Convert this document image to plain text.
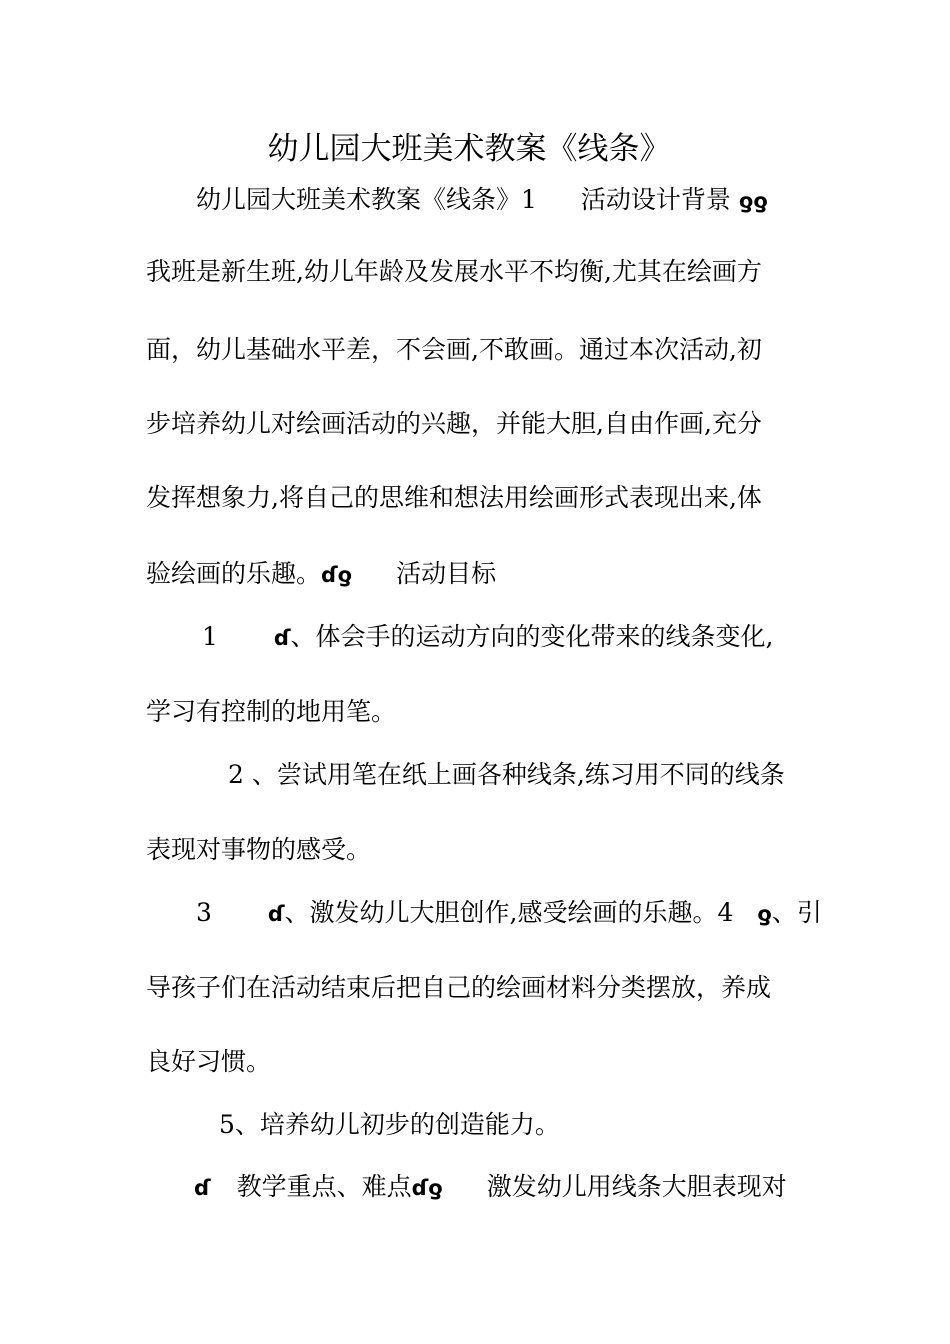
幼儿园大班美术教案《线条》
幼儿园大班美术教案《线条》1 活动设计背景 ƍƍ
我班是新生班,幼儿年龄及发展水平不均衡,尤其在绘画方
面，幼儿基础水平差，不会画,不敢画。通过本次活动,初
步培养幼儿对绘画活动的兴趣，并能大胆,自由作画,充分
发挥想象力,将自己的思维和想法用绘画形式表现出来,体
验绘画的乐趣。ɗƍ 活动目标
1	ɗ、体会手的运动方向的变化带来的线条变化,
学习有控制的地用笔。
2 、尝试用笔在纸上画各种线条,练习用不同的线条
表现对事物的感受。
3	ɗ、激发幼儿大胆创作,感受绘画的乐趣。4 ƍ、引
导孩子们在活动结束后把自己的绘画材料分类摆放，养成
良好习惯。
5、培养幼儿初步的创造能力。
ɗ 教学重点、难点ɗƍ 激发幼儿用线条大胆表现对
